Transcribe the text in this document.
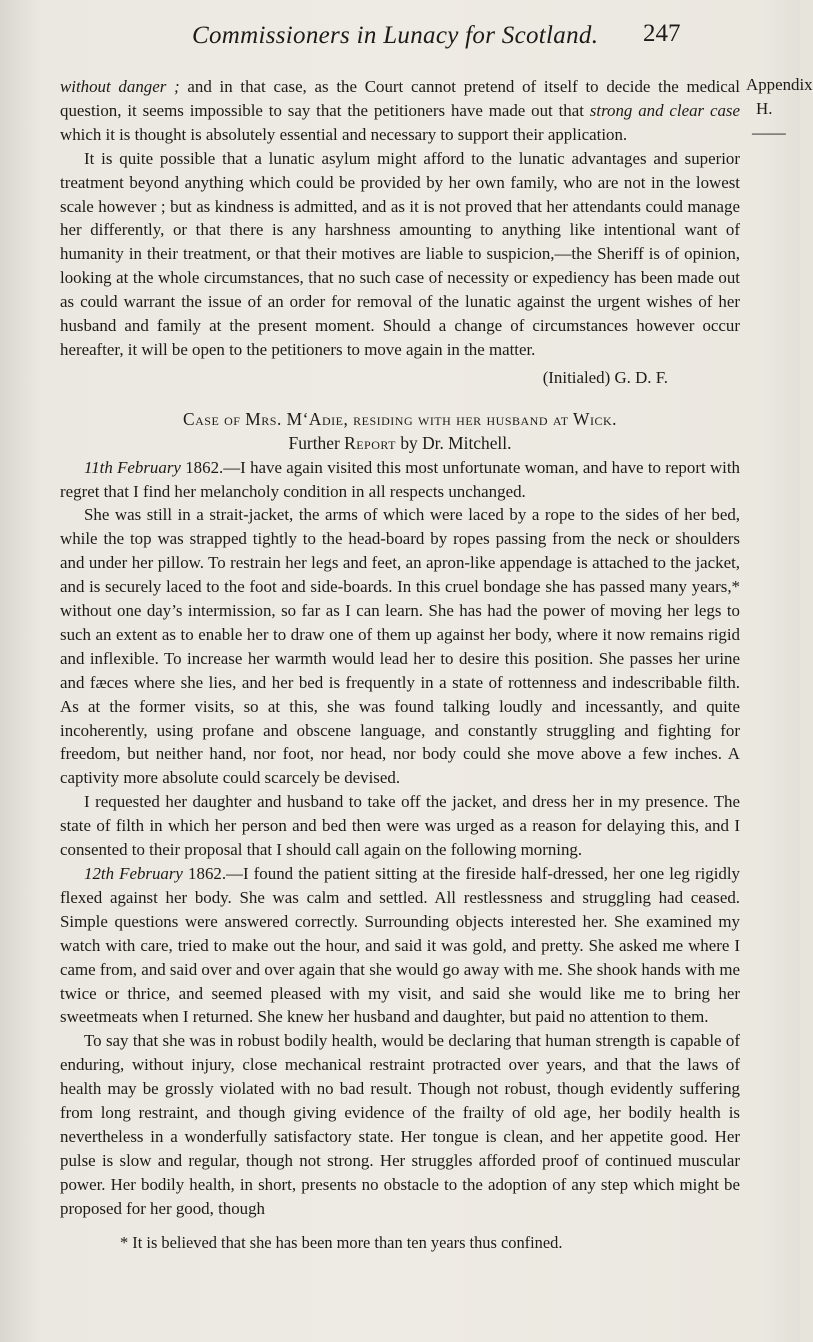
Commissioners in Lunacy for Scotland.	247
Appendix
H.
——

without danger ; and in that case, as the Court cannot pretend of itself to decide the medical question, it seems impossible to say that the petitioners have made out that strong and clear case which it is thought is absolutely essential and necessary to support their application.

It is quite possible that a lunatic asylum might afford to the lunatic advantages and superior treatment beyond anything which could be provided by her own family, who are not in the lowest scale however ; but as kindness is admitted, and as it is not proved that her attendants could manage her differently, or that there is any harshness amounting to anything like intentional want of humanity in their treatment, or that their motives are liable to suspicion,—the Sheriff is of opinion, looking at the whole circumstances, that no such case of necessity or expediency has been made out as could warrant the issue of an order for removal of the lunatic against the urgent wishes of her husband and family at the present moment. Should a change of circumstances however occur hereafter, it will be open to the petitioners to move again in the matter.

(Initialed) G. D. F.

Case of Mrs. M‘Adie, residing with her husband at Wick.

Further Report by Dr. Mitchell.

11th February 1862.—I have again visited this most unfortunate woman, and have to report with regret that I find her melancholy condition in all respects unchanged.

She was still in a strait-jacket, the arms of which were laced by a rope to the sides of her bed, while the top was strapped tightly to the head-board by ropes passing from the neck or shoulders and under her pillow. To restrain her legs and feet, an apron-like appendage is attached to the jacket, and is securely laced to the foot and side-boards. In this cruel bondage she has passed many years,* without one day’s intermission, so far as I can learn. She has had the power of moving her legs to such an extent as to enable her to draw one of them up against her body, where it now remains rigid and inflexible. To increase her warmth would lead her to desire this position. She passes her urine and fæces where she lies, and her bed is frequently in a state of rottenness and indescribable filth. As at the former visits, so at this, she was found talking loudly and incessantly, and quite incoherently, using profane and obscene language, and constantly struggling and fighting for freedom, but neither hand, nor foot, nor head, nor body could she move above a few inches. A captivity more absolute could scarcely be devised.

I requested her daughter and husband to take off the jacket, and dress her in my presence. The state of filth in which her person and bed then were was urged as a reason for delaying this, and I consented to their proposal that I should call again on the following morning.

12th February 1862.—I found the patient sitting at the fireside half-dressed, her one leg rigidly flexed against her body. She was calm and settled. All restlessness and struggling had ceased. Simple questions were answered correctly. Surrounding objects interested her. She examined my watch with care, tried to make out the hour, and said it was gold, and pretty. She asked me where I came from, and said over and over again that she would go away with me. She shook hands with me twice or thrice, and seemed pleased with my visit, and said she would like me to bring her sweetmeats when I returned. She knew her husband and daughter, but paid no attention to them.

To say that she was in robust bodily health, would be declaring that human strength is capable of enduring, without injury, close mechanical restraint protracted over years, and that the laws of health may be grossly violated with no bad result. Though not robust, though evidently suffering from long restraint, and though giving evidence of the frailty of old age, her bodily health is nevertheless in a wonderfully satisfactory state. Her tongue is clean, and her appetite good. Her pulse is slow and regular, though not strong. Her struggles afforded proof of continued muscular power. Her bodily health, in short, presents no obstacle to the adoption of any step which might be proposed for her good, though

* It is believed that she has been more than ten years thus confined.
